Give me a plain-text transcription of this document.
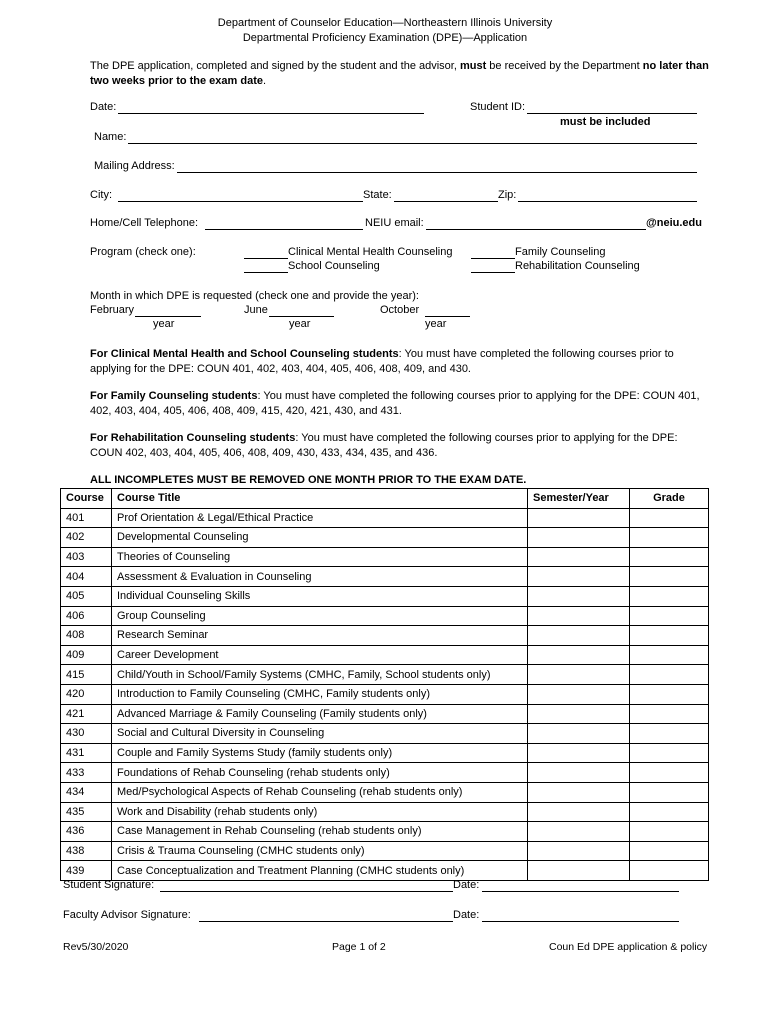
Department of Counselor Education—Northeastern Illinois University
Departmental Proficiency Examination (DPE)—Application
The DPE application, completed and signed by the student and the advisor, must be received by the Department no later than two weeks prior to the exam date.
Date:	Student ID:
must be included
Name:
Mailing Address:
City:	State:	Zip:
Home/Cell Telephone:	NEIU email:	@neiu.edu
Program (check one):	Clinical Mental Health Counseling
School Counseling
Family Counseling
Rehabilitation Counseling
Month in which DPE is requested (check one and provide the year):
February	June	October
year	year	year
For Clinical Mental Health and School Counseling students: You must have completed the following courses prior to applying for the DPE: COUN 401, 402, 403, 404, 405, 406, 408, 409, and 430.
For Family Counseling students: You must have completed the following courses prior to applying for the DPE: COUN 401, 402, 403, 404, 405, 406, 408, 409, 415, 420, 421, 430, and 431.
For Rehabilitation Counseling students: You must have completed the following courses prior to applying for the DPE: COUN 402, 403, 404, 405, 406, 408, 409, 430, 433, 434, 435, and 436.
ALL INCOMPLETES MUST BE REMOVED ONE MONTH PRIOR TO THE EXAM DATE.
Course	Course Title	Semester/Year	Grade
401	Prof Orientation & Legal/Ethical Practice		
402	Developmental Counseling		
403	Theories of Counseling		
404	Assessment & Evaluation in Counseling		
405	Individual Counseling Skills		
406	Group Counseling		
408	Research Seminar		
409	Career Development		
415	Child/Youth in School/Family Systems (CMHC, Family, School students only)		
420	Introduction to Family Counseling (CMHC, Family students only)		
421	Advanced Marriage & Family Counseling (Family students only)		
430	Social and Cultural Diversity in Counseling		
431	Couple and Family Systems Study (family students only)		
433	Foundations of Rehab Counseling (rehab students only)		
434	Med/Psychological Aspects of Rehab Counseling (rehab students only)		
435	Work and Disability (rehab students only)		
436	Case Management in Rehab Counseling (rehab students only)		
438	Crisis & Trauma Counseling (CMHC students only)		
439	Case Conceptualization and Treatment Planning (CMHC students only)		
Student Signature:	Date:
Faculty Advisor Signature:	Date:
Rev5/30/2020	Page 1 of 2	Coun Ed DPE application & policy
